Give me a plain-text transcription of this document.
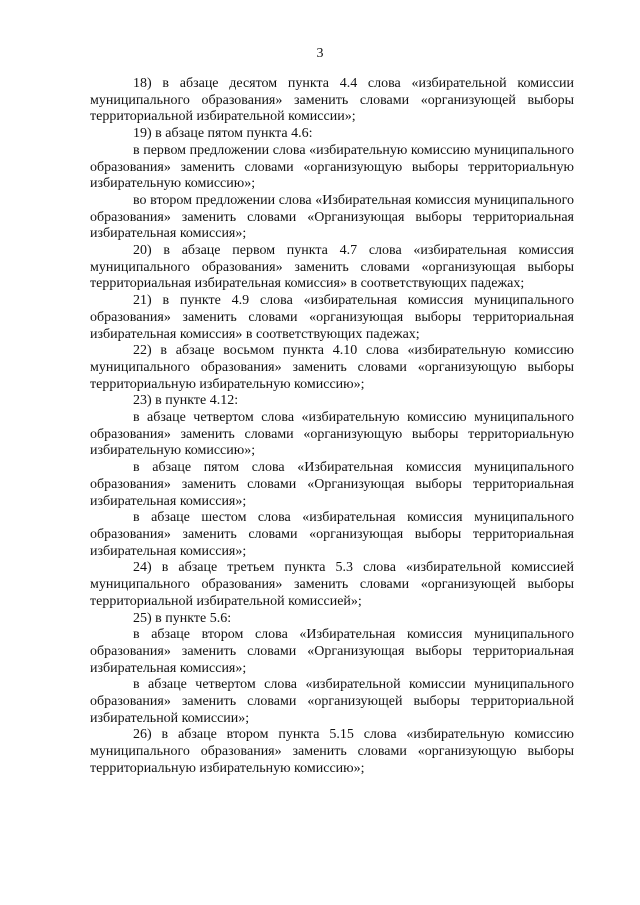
3

18) в абзаце десятом пункта 4.4 слова «избирательной комиссии муниципального образования» заменить словами «организующей выборы территориальной избирательной комиссии»;

19) в абзаце пятом пункта 4.6:

в первом предложении слова «избирательную комиссию муниципального образования» заменить словами «организующую выборы территориальную избирательную комиссию»;

во втором предложении слова «Избирательная комиссия муниципального образования» заменить словами «Организующая выборы территориальная избирательная комиссия»;

20) в абзаце первом пункта 4.7 слова «избирательная комиссия муниципального образования» заменить словами «организующая выборы территориальная избирательная комиссия» в соответствующих падежах;

21) в пункте 4.9 слова «избирательная комиссия муниципального образования» заменить словами «организующая выборы территориальная избирательная комиссия» в соответствующих падежах;

22) в абзаце восьмом пункта 4.10 слова «избирательную комиссию муниципального образования» заменить словами «организующую выборы территориальную избирательную комиссию»;

23) в пункте 4.12:

в абзаце четвертом слова «избирательную комиссию муниципального образования» заменить словами «организующую выборы территориальную избирательную комиссию»;

в абзаце пятом слова «Избирательная комиссия муниципального образования» заменить словами «Организующая выборы территориальная избирательная комиссия»;

в абзаце шестом слова «избирательная комиссия муниципального образования» заменить словами «организующая выборы территориальная избирательная комиссия»;

24) в абзаце третьем пункта 5.3 слова «избирательной комиссией муниципального образования» заменить словами «организующей выборы территориальной избирательной комиссией»;

25) в пункте 5.6:

в абзаце втором слова «Избирательная комиссия муниципального образования» заменить словами «Организующая выборы территориальная избирательная комиссия»;

в абзаце четвертом слова «избирательной комиссии муниципального образования» заменить словами «организующей выборы территориальной избирательной комиссии»;

26) в абзаце втором пункта 5.15 слова «избирательную комиссию муниципального образования» заменить словами «организующую выборы территориальную избирательную комиссию»;
